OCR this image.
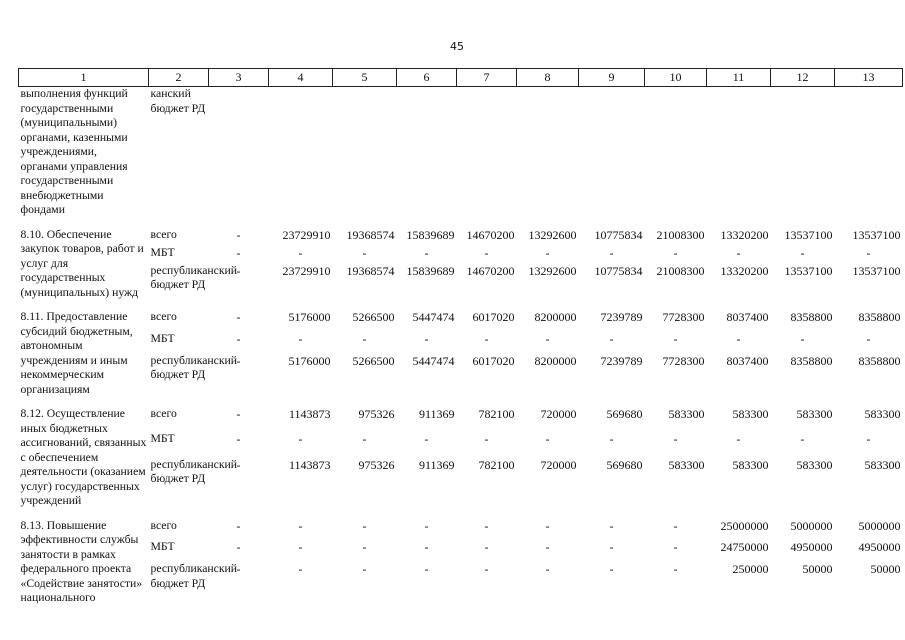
45
1	2	3	4	5	6	7	8	9	10	11	12	13
выполнения функций государственными (муниципальными) органами, казенными учреждениями, органами управления государственными внебюджетными фондами	канский бюджет РД											

8.10. Обеспечение закупок товаров, работ и услуг для государственных (муниципальных) нужд	всего	-	23729910	19368574	15839689	14670200	13292600	10775834	21008300	13320200	13537100	13537100
	МБТ	-	-	-	-	-	-	-	-	-	-	-
	республиканский бюджет РД	-	23729910	19368574	15839689	14670200	13292600	10775834	21008300	13320200	13537100	13537100

8.11. Предоставление субсидий бюджетным, автономным учреждениям и иным некоммерческим организациям	всего	-	5176000	5266500	5447474	6017020	8200000	7239789	7728300	8037400	8358800	8358800
	МБТ	-	-	-	-	-	-	-	-	-	-	-
	республиканский бюджет РД	-	5176000	5266500	5447474	6017020	8200000	7239789	7728300	8037400	8358800	8358800

8.12. Осуществление иных бюджетных ассигнований, связанных с обеспечением деятельности (оказанием услуг) государственных учреждений	всего	-	1143873	975326	911369	782100	720000	569680	583300	583300	583300	583300
	МБТ	-	-	-	-	-	-	-	-	-	-	-
	республиканский бюджет РД	-	1143873	975326	911369	782100	720000	569680	583300	583300	583300	583300

8.13. Повышение эффективности службы занятости в рамках федерального проекта «Содействие занятости» национального	всего	-	-	-	-	-	-	-	-	25000000	5000000	5000000
	МБТ	-	-	-	-	-	-	-	-	24750000	4950000	4950000
	республиканский бюджет РД	-	-	-	-	-	-	-	-	250000	50000	50000
